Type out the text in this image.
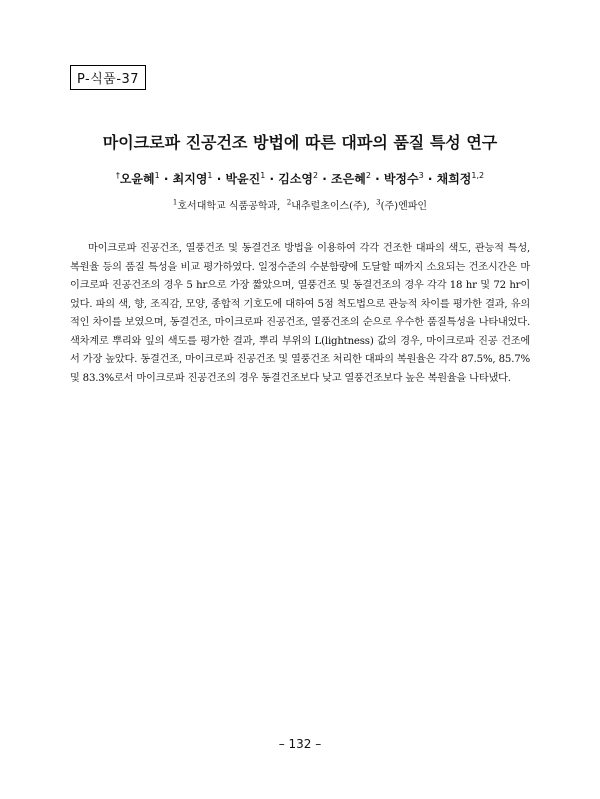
P-식품-37
마이크로파 진공건조 방법에 따른 대파의 품질 특성 연구
†오윤혜$^1$ · 최지영$^1$ · 박윤진$^1$ · 김소영$^2$ · 조은혜$^2$ · 박정수$^3$ · 채희정$^{1,2}$
$^1$호서대학교 식품공학과, $^2$내추럴초이스(주), $^3$(주)엔파인
마이크로파 진공건조, 열풍건조 및 동결건조 방법을 이용하여 각각 건조한 대파의 색도, 관능적 특성, 복원율 등의 품질 특성을 비교 평가하였다. 일정수준의 수분함량에 도달할 때까지 소요되는 건조시간은 마이크로파 진공건조의 경우 5 hr으로 가장 짧았으며, 열풍건조 및 동결건조의 경우 각각 18 hr 및 72 hr이었다. 파의 색, 향, 조직감, 모양, 종합적 기호도에 대하여 5점 척도법으로 관능적 차이를 평가한 결과, 유의적인 차이를 보였으며, 동결건조, 마이크로파 진공건조, 열풍건조의 순으로 우수한 품질특성을 나타내었다. 색차계로 뿌리와 잎의 색도를 평가한 결과, 뿌리 부위의 L(lightness) 값의 경우, 마이크로파 진공 건조에서 가장 높았다. 동결건조, 마이크로파 진공건조 및 열풍건조 처리한 대파의 복원율은 각각 87.5%, 85.7% 및 83.3%로서 마이크로파 진공건조의 경우 동결건조보다 낮고 열풍건조보다 높은 복원율을 나타냈다.
– 132 –
